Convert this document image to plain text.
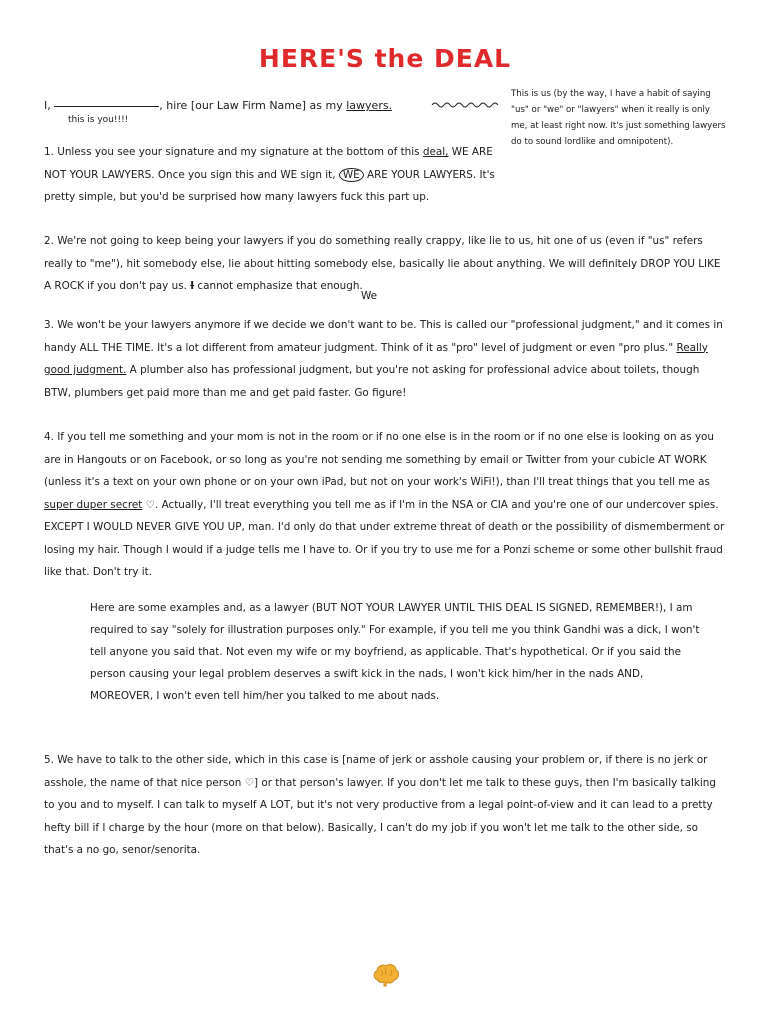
HERE'S the DEAL
I,	, hire [our Law Firm Name] as my lawyers.
this is you!!!!
This is us (by the way, I have a habit of saying "us" or "we" or "lawyers" when it really is only me, at least right now. It's just something lawyers do to sound lordlike and omnipotent).
1. Unless you see your signature and my signature at the bottom of this deal, WE ARE NOT YOUR LAWYERS. Once you sign this and WE sign it, WE ARE YOUR LAWYERS. It's pretty simple, but you'd be surprised how many lawyers fuck this part up.
2. We're not going to keep being your lawyers if you do something really crappy, like lie to us, hit one of us (even if "us" refers really to "me"), hit somebody else, lie about hitting somebody else, basically lie about anything. We will definitely DROP YOU LIKE A ROCK if you don't pay us. I cannot emphasize that enough.
We
3. We won't be your lawyers anymore if we decide we don't want to be. This is called our "professional judgment," and it comes in handy ALL THE TIME. It's a lot different from amateur judgment. Think of it as "pro" level of judgment or even "pro plus." Really good judgment. A plumber also has professional judgment, but you're not asking for professional advice about toilets, though BTW, plumbers get paid more than me and get paid faster. Go figure!
4. If you tell me something and your mom is not in the room or if no one else is in the room or if no one else is looking on as you are in Hangouts or on Facebook, or so long as you're not sending me something by email or Twitter from your cubicle AT WORK (unless it's a text on your own phone or on your own iPad, but not on your work's WiFi!), than I'll treat things that you tell me as super duper secret ♡. Actually, I'll treat everything you tell me as if I'm in the NSA or CIA and you're one of our undercover spies. EXCEPT I WOULD NEVER GIVE YOU UP, man. I'd only do that under extreme threat of death or the possibility of dismemberment or losing my hair. Though I would if a judge tells me I have to. Or if you try to use me for a Ponzi scheme or some other bullshit fraud like that. Don't try it.
Here are some examples and, as a lawyer (BUT NOT YOUR LAWYER UNTIL THIS DEAL IS SIGNED, REMEMBER!), I am required to say "solely for illustration purposes only." For example, if you tell me you think Gandhi was a dick, I won't tell anyone you said that. Not even my wife or my boyfriend, as applicable. That's hypothetical. Or if you said the person causing your legal problem deserves a swift kick in the nads, I won't kick him/her in the nads AND, MOREOVER, I won't even tell him/her you talked to me about nads.
5. We have to talk to the other side, which in this case is [name of jerk or asshole causing your problem or, if there is no jerk or asshole, the name of that nice person ♡] or that person's lawyer. If you don't let me talk to these guys, then I'm basically talking to you and to myself. I can talk to myself A LOT, but it's not very productive from a legal point-of-view and it can lead to a pretty hefty bill if I charge by the hour (more on that below). Basically, I can't do my job if you won't let me talk to the other side, so that's a no go, senor/senorita.
